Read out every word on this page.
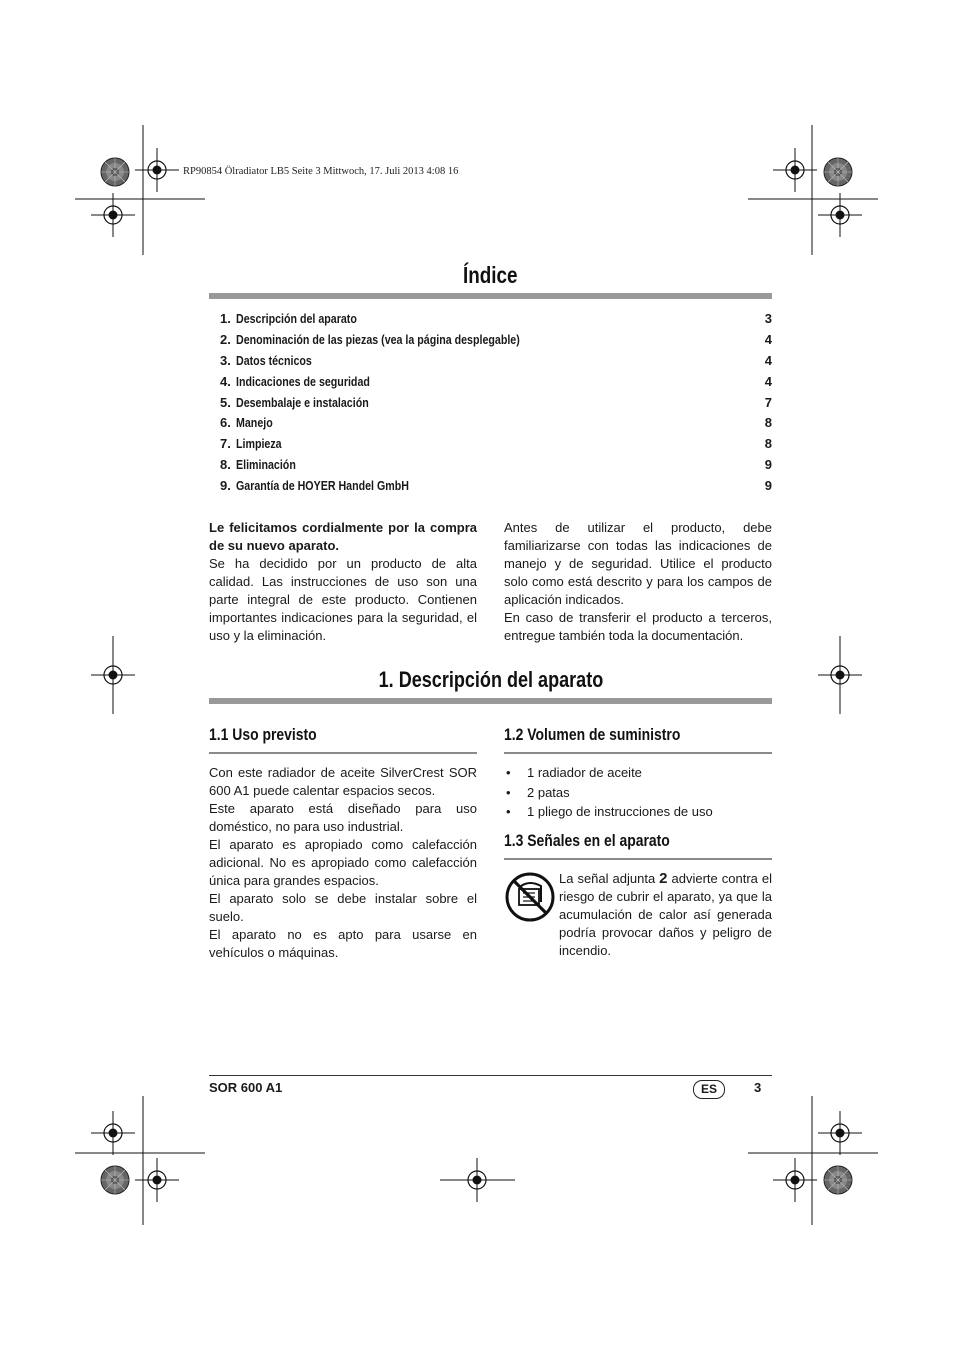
RP90854 Ölradiator LB5 Seite 3 Mittwoch, 17. Juli 2013 4:08 16
Índice
1. Descripción del aparato	3
2. Denominación de las piezas (vea la página desplegable)	4
3. Datos técnicos	4
4. Indicaciones de seguridad	4
5. Desembalaje e instalación	7
6. Manejo	8
7. Limpieza	8
8. Eliminación	9
9. Garantía de HOYER Handel GmbH	9

Le felicitamos cordialmente por la compra de su nuevo aparato.

Se ha decidido por un producto de alta calidad. Las instrucciones de uso son una parte integral de este producto. Contienen importantes indicaciones para la seguridad, el uso y la eliminación.

Antes de utilizar el producto, debe familiarizarse con todas las indicaciones de manejo y de seguridad. Utilice el producto solo como está descrito y para los campos de aplicación indicados.

En caso de transferir el producto a terceros, entregue también toda la documentación.

1. Descripción del aparato
1.1 Uso previsto

Con este radiador de aceite SilverCrest SOR 600 A1 puede calentar espacios secos.

Este aparato está diseñado para uso doméstico, no para uso industrial.

El aparato es apropiado como calefacción adicional. No es apropiado como calefacción única para grandes espacios.

El aparato solo se debe instalar sobre el suelo.

El aparato no es apto para usarse en vehículos o máquinas.

1.2 Volumen de suministro
• 1 radiador de aceite
• 2 patas
• 1 pliego de instrucciones de uso
1.3 Señales en el aparato
La señal adjunta 2 advierte contra el riesgo de cubrir el aparato, ya que la acumulación de calor así generada podría provocar daños y peligro de incendio.
SOR 600 A1	ES	3
